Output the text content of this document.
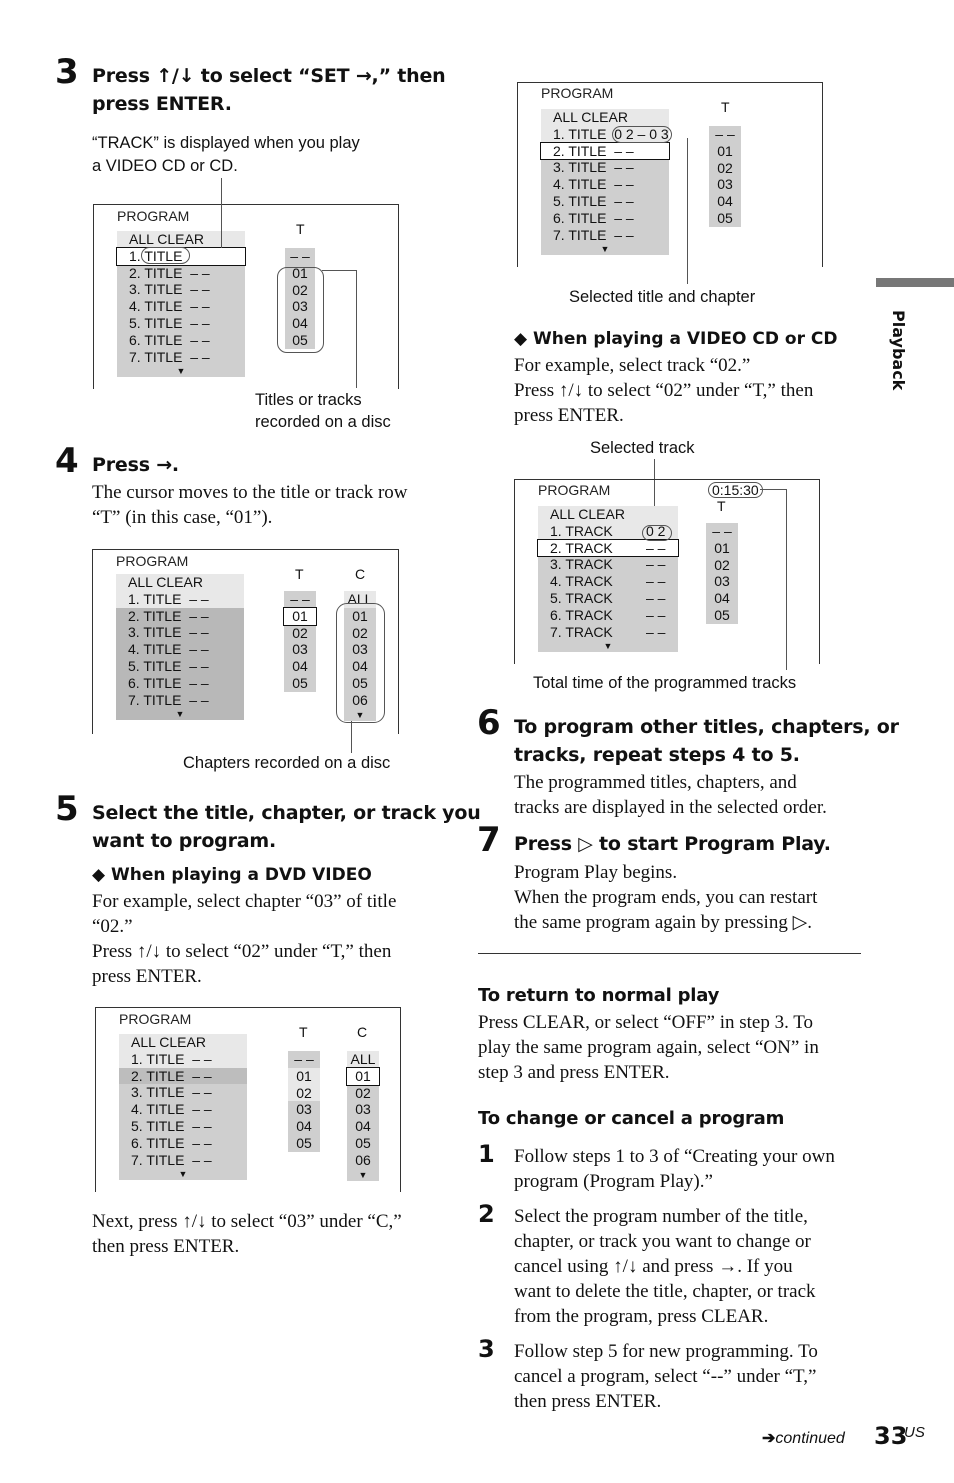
3 Press ↑/↓ to select “SET →,” then
press ENTER.
“TRACK” is displayed when you play
a VIDEO CD or CD.
PROGRAM
T
ALL CLEAR
1. TITLE
2. TITLE  – –
3. TITLE  – –
4. TITLE  – –
5. TITLE  – –
6. TITLE  – –
7. TITLE  – –
▼
– –
01
02
03
04
05
Titles or tracks
recorded on a disc
4 Press →.
The cursor moves to the title or track row
“T” (in this case, “01”).
PROGRAM
T	C
ALL CLEAR
1. TITLE  – –
2. TITLE  – –
3. TITLE  – –
4. TITLE  – –
5. TITLE  – –
6. TITLE  – –
7. TITLE  – –
▼
– –
01
02
03
04
05
ALL
01
02
03
04
05
06
▼
Chapters recorded on a disc
5 Select the title, chapter, or track you
want to program.
◆ When playing a DVD VIDEO
For example, select chapter “03” of title
“02.”
Press ↑/↓ to select “02” under “T,” then
press ENTER.
PROGRAM
T	C
ALL CLEAR
1. TITLE  – –
2. TITLE  – –
3. TITLE  – –
4. TITLE  – –
5. TITLE  – –
6. TITLE  – –
7. TITLE  – –
▼
– –
01
02
03
04
05
ALL
01
02
03
04
05
06
▼
Next, press ↑/↓ to select “03” under “C,”
then press ENTER.
PROGRAM
T
ALL CLEAR
1. TITLE  0 2 – 0 3
2. TITLE  – –
3. TITLE  – –
4. TITLE  – –
5. TITLE  – –
6. TITLE  – –
7. TITLE  – –
▼
– –
01
02
03
04
05
Selected title and chapter
◆ When playing a VIDEO CD or CD
For example, select track “02.”
Press ↑/↓ to select “02” under “T,” then
press ENTER.
Selected track
PROGRAM	0:15:30
T
ALL CLEAR
1. TRACK 0 2
2. TRACK – –
3. TRACK – –
4. TRACK – –
5. TRACK – –
6. TRACK – –
7. TRACK – –
▼
– –
01
02
03
04
05
Total time of the programmed tracks
6 To program other titles, chapters, or
tracks, repeat steps 4 to 5.
The programmed titles, chapters, and
tracks are displayed in the selected order.
7 Press ▷ to start Program Play.
Program Play begins.
When the program ends, you can restart
the same program again by pressing ▷.
To return to normal play
Press CLEAR, or select “OFF” in step 3. To
play the same program again, select “ON” in
step 3 and press ENTER.
To change or cancel a program
1 Follow steps 1 to 3 of “Creating your own
program (Program Play).”
2 Select the program number of the title,
chapter, or track you want to change or
cancel using ↑/↓ and press →. If you
want to delete the title, chapter, or track
from the program, press CLEAR.
3 Follow step 5 for new programming. To
cancel a program, select “--” under “T,”
then press ENTER.
Playback
➔continued 33
US
